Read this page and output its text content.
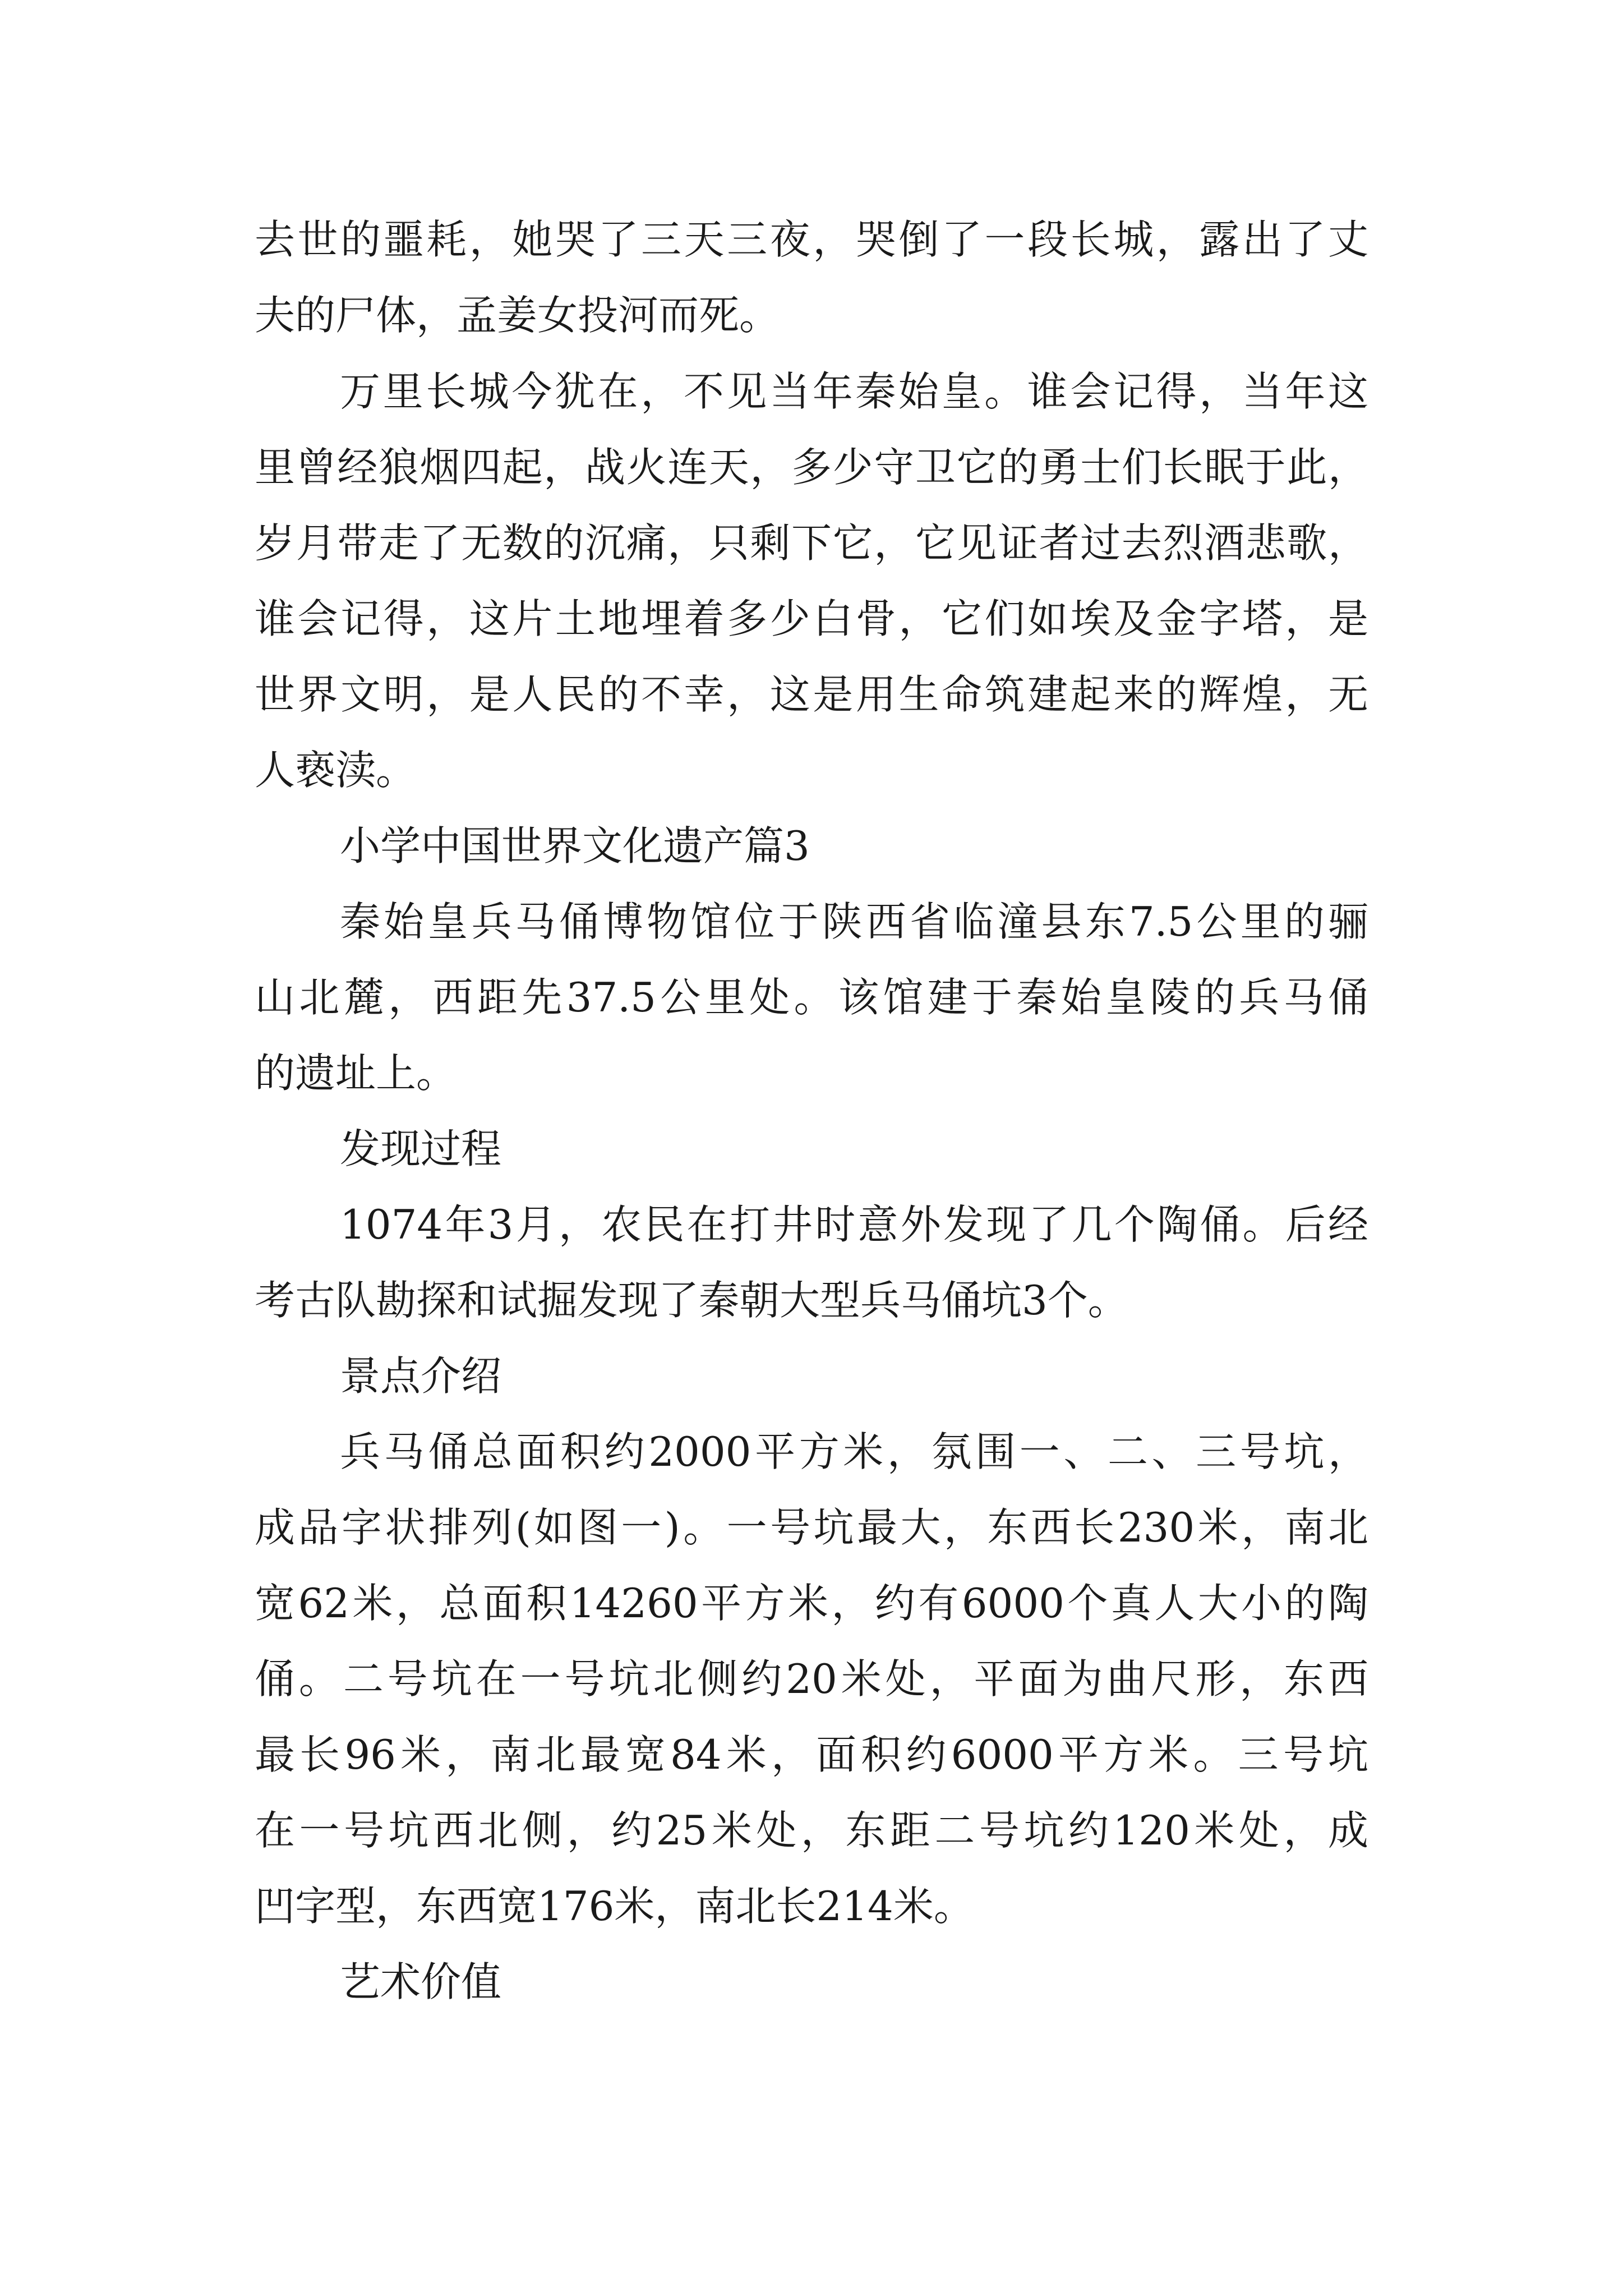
去世的噩耗，她哭了三天三夜，哭倒了一段长城，露出了丈
夫的尸体，孟姜女投河而死。
万里长城今犹在，不见当年秦始皇。谁会记得，当年这
里曾经狼烟四起，战火连天，多少守卫它的勇士们长眠于此，
岁月带走了无数的沉痛，只剩下它，它见证者过去烈酒悲歌，
谁会记得，这片土地埋着多少白骨，它们如埃及金字塔，是
世界文明，是人民的不幸，这是用生命筑建起来的辉煌，无
人亵渎。
小学中国世界文化遗产篇3
秦始皇兵马俑博物馆位于陕西省临潼县东7.5公里的骊
山北麓，西距先37.5公里处。该馆建于秦始皇陵的兵马俑
的遗址上。
发现过程
1074年3月，农民在打井时意外发现了几个陶俑。后经
考古队勘探和试掘发现了秦朝大型兵马俑坑3个。
景点介绍
兵马俑总面积约2000平方米，氛围一、二、三号坑，
成品字状排列(如图一)。一号坑最大，东西长230米，南北
宽62米，总面积14260平方米，约有6000个真人大小的陶
俑。二号坑在一号坑北侧约20米处，平面为曲尺形，东西
最长96米，南北最宽84米，面积约6000平方米。三号坑
在一号坑西北侧，约25米处，东距二号坑约120米处，成
凹字型，东西宽176米，南北长214米。
艺术价值
